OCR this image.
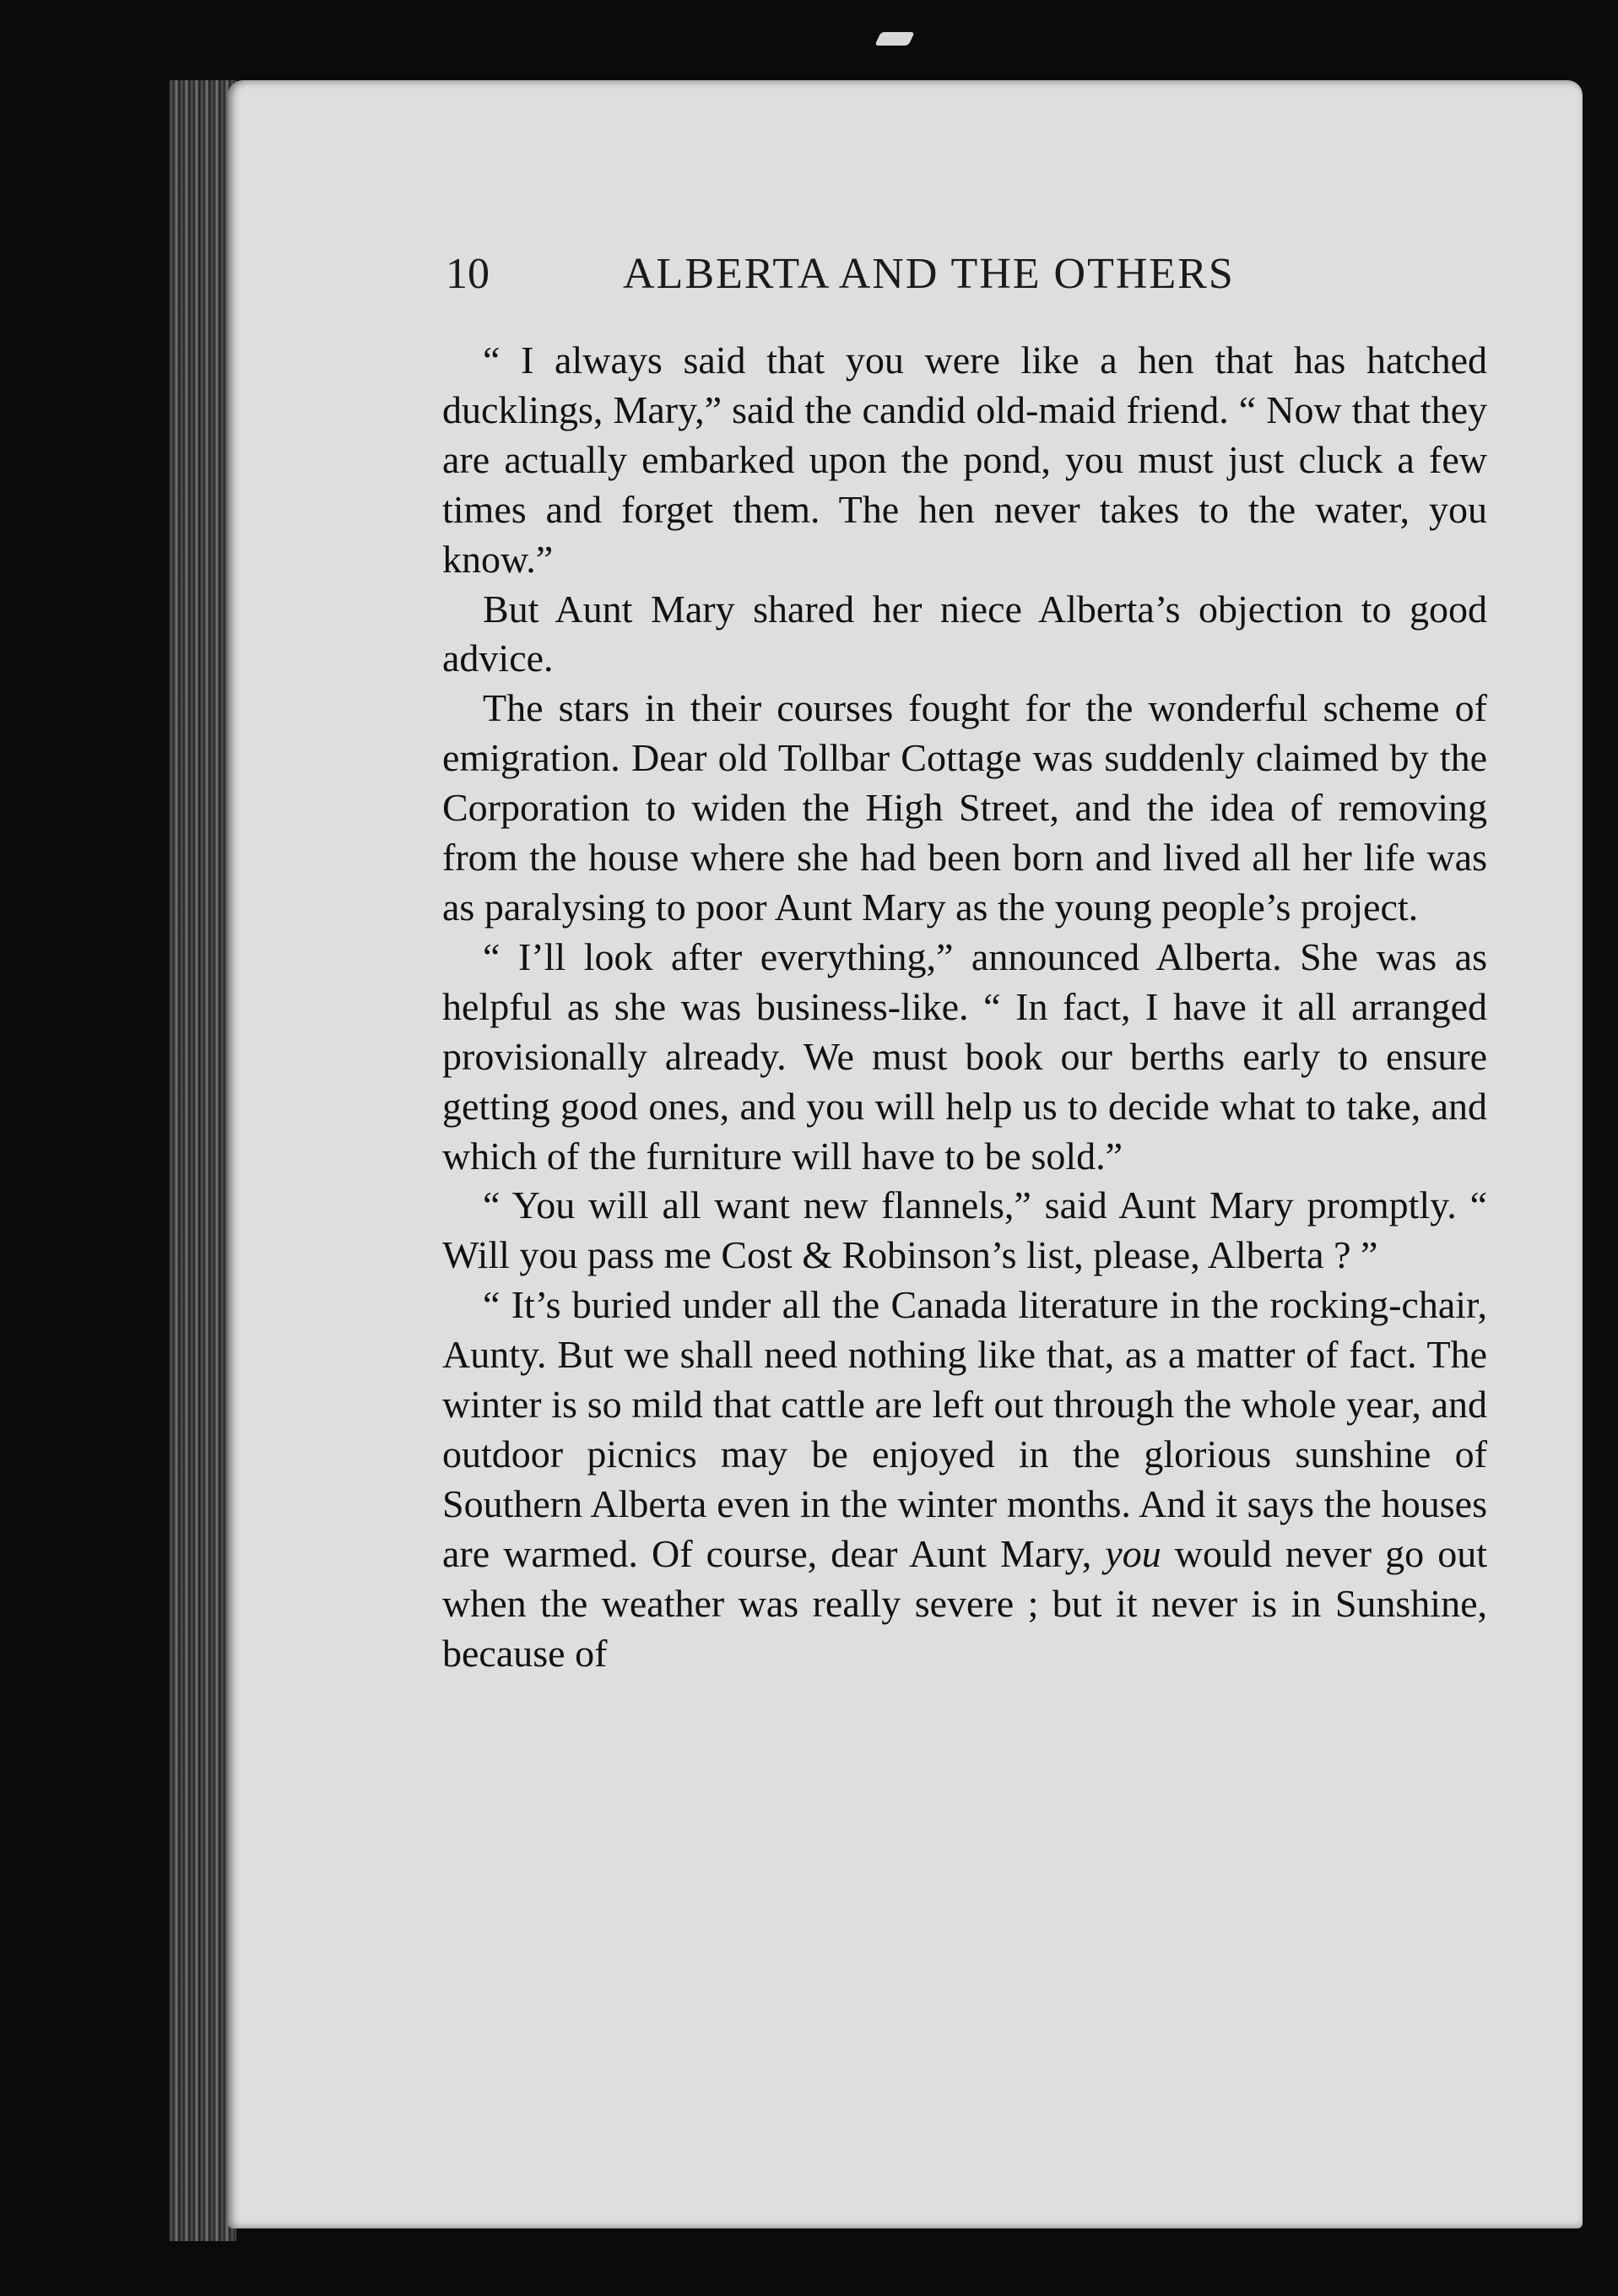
10	ALBERTA AND THE OTHERS

“ I always said that you were like a hen that has hatched ducklings, Mary,” said the candid old-maid friend. “ Now that they are actually embarked upon the pond, you must just cluck a few times and forget them. The hen never takes to the water, you know.”

But Aunt Mary shared her niece Alberta’s objection to good advice.

The stars in their courses fought for the wonderful scheme of emigration. Dear old Tollbar Cottage was suddenly claimed by the Corporation to widen the High Street, and the idea of removing from the house where she had been born and lived all her life was as paralysing to poor Aunt Mary as the young people’s project.

“ I’ll look after everything,” announced Alberta. She was as helpful as she was business-like. “ In fact, I have it all arranged provisionally already. We must book our berths early to ensure getting good ones, and you will help us to decide what to take, and which of the furniture will have to be sold.”

“ You will all want new flannels,” said Aunt Mary promptly. “ Will you pass me Cost & Robinson’s list, please, Alberta ? ”

“ It’s buried under all the Canada literature in the rocking-chair, Aunty. But we shall need nothing like that, as a matter of fact. The winter is so mild that cattle are left out through the whole year, and outdoor picnics may be enjoyed in the glorious sunshine of Southern Alberta even in the winter months. And it says the houses are warmed. Of course, dear Aunt Mary, you would never go out when the weather was really severe ; but it never is in Sunshine, because of
